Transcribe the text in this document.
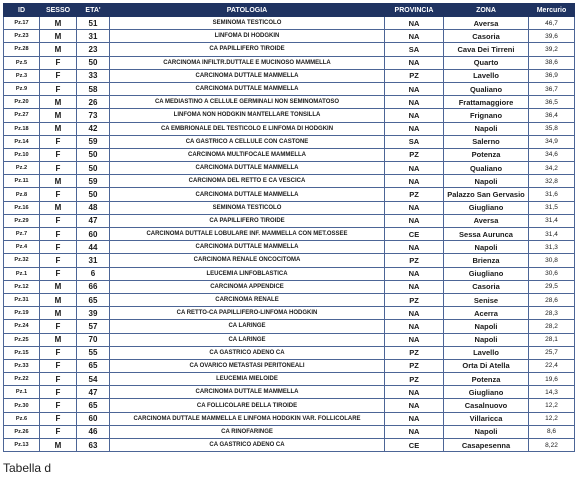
ID	SESSO	ETA'	PATOLOGIA	PROVINCIA	ZONA	Mercurio
Pz.17	M	51	SEMINOMA TESTICOLO	NA	Aversa	46,7
Pz.23	M	31	LINFOMA DI HODGKIN	NA	Casoria	39,6
Pz.28	M	23	CA PAPILLIFERO TIROIDE	SA	Cava Dei Tirreni	39,2
Pz.5	F	50	CARCINOMA INFILTR.DUTTALE E MUCINOSO MAMMELLA	NA	Quarto	38,6
Pz.3	F	33	CARCINOMA DUTTALE MAMMELLA	PZ	Lavello	36,9
Pz.9	F	58	CARCINOMA DUTTALE MAMMELLA	NA	Qualiano	36,7
Pz.20	M	26	CA MEDIASTINO A CELLULE GERMINALI NON SEMINOMATOSO	NA	Frattamaggiore	36,5
Pz.27	M	73	LINFOMA NON HODGKIN MANTELLARE TONSILLA	NA	Frignano	36,4
Pz.18	M	42	CA EMBRIONALE DEL TESTICOLO E LINFOMA DI HODGKIN	NA	Napoli	35,8
Pz.14	F	59	CA GASTRICO A CELLULE CON CASTONE	SA	Salerno	34,9
Pz.10	F	50	CARCINOMA MULTIFOCALE MAMMELLA	PZ	Potenza	34,6
Pz.2	F	50	CARCINOMA DUTTALE MAMMELLA	NA	Qualiano	34,2
Pz.11	M	59	CARCINOMA DEL RETTO E CA VESCICA	NA	Napoli	32,8
Pz.8	F	50	CARCINOMA DUTTALE MAMMELLA	PZ	Palazzo San Gervasio	31,6
Pz.16	M	48	SEMINOMA TESTICOLO	NA	Giugliano	31,5
Pz.29	F	47	CA PAPILLIFERO TIROIDE	NA	Aversa	31,4
Pz.7	F	60	CARCINOMA DUTTALE LOBULARE INF. MAMMELLA CON MET.OSSEE	CE	Sessa Aurunca	31,4
Pz.4	F	44	CARCINOMA DUTTALE MAMMELLA	NA	Napoli	31,3
Pz.32	F	31	CARCINOMA RENALE ONCOCITOMA	PZ	Brienza	30,8
Pz.1	F	6	LEUCEMIA LINFOBLASTICA	NA	Giugliano	30,6
Pz.12	M	66	CARCINOMA APPENDICE	NA	Casoria	29,5
Pz.31	M	65	CARCINOMA RENALE	PZ	Senise	28,6
Pz.19	M	39	CA RETTO-CA PAPILLIFERO-LINFOMA HODGKIN	NA	Acerra	28,3
Pz.24	F	57	CA LARINGE	NA	Napoli	28,2
Pz.25	M	70	CA LARINGE	NA	Napoli	28,1
Pz.15	F	55	CA GASTRICO ADENO CA	PZ	Lavello	25,7
Pz.33	F	65	CA OVARICO METASTASI PERITONEALI	PZ	Orta Di Atella	22,4
Pz.22	F	54	LEUCEMIA MIELOIDE	PZ	Potenza	19,6
Pz.1	F	47	CARCINOMA DUTTALE MAMMELLA	NA	Giugliano	14,3
Pz.30	F	65	CA FOLLICOLARE DELLA TIROIDE	NA	Casalnuovo	12,2
Pz.6	F	60	CARCINOMA DUTTALE MAMMELLA E LINFOMA HODGKIN VAR. FOLLICOLARE	NA	Villaricca	12,2
Pz.26	F	46	CA RINOFARINGE	NA	Napoli	8,6
Pz.13	M	63	CA GASTRICO ADENO CA	CE	Casapesenna	8,22
Tabella d
